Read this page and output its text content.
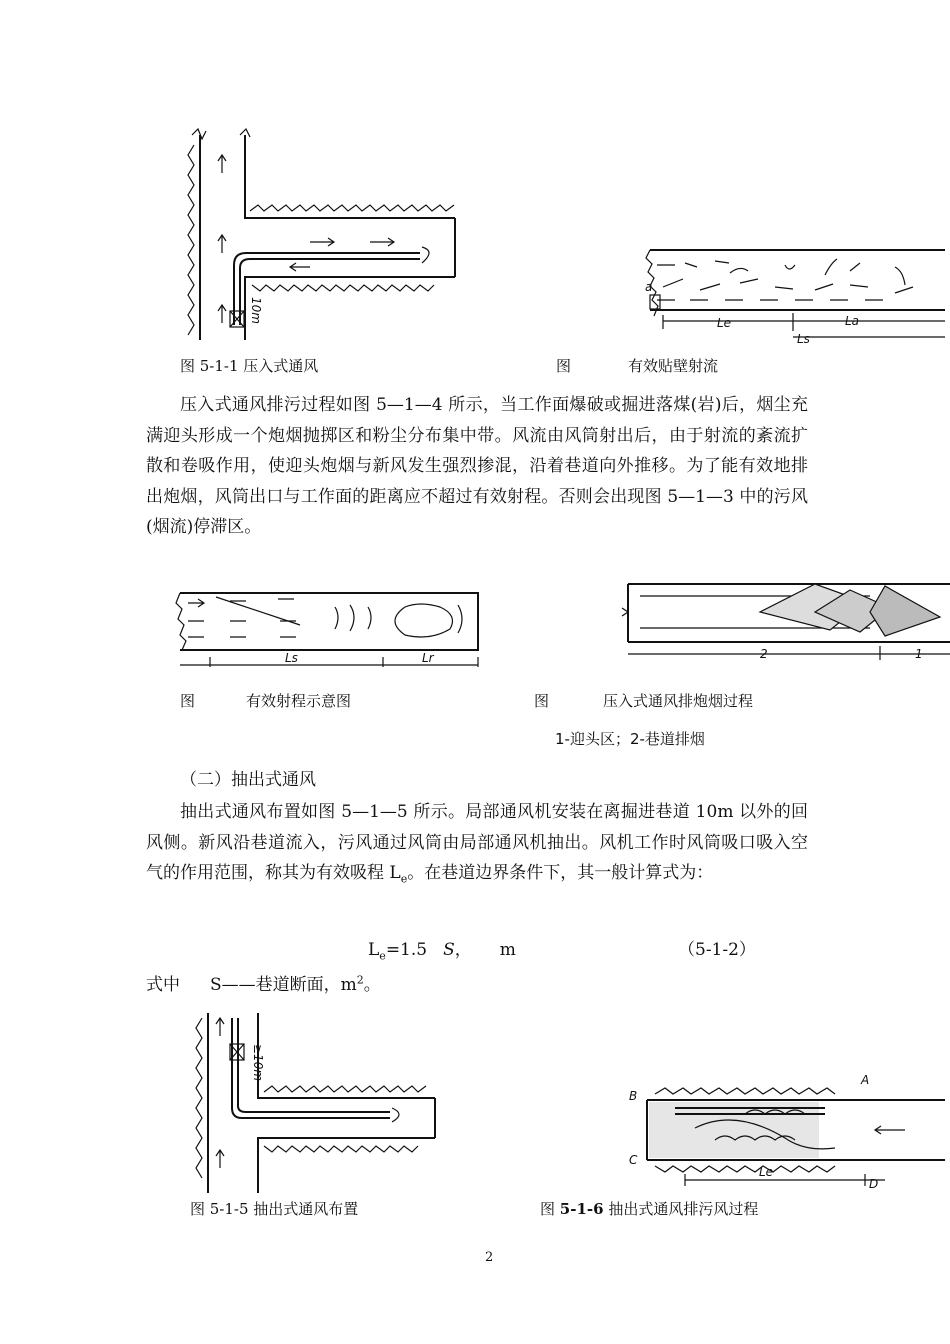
10m
图 5-1-1 压入式通风
a
Le	La
Ls
图	有效贴壁射流
压入式通风排污过程如图 5—1—4 所示，当工作面爆破或掘进落煤(岩)后，烟尘充满迎头形成一个炮烟抛掷区和粉尘分布集中带。风流由风筒射出后，由于射流的紊流扩散和卷吸作用，使迎头炮烟与新风发生强烈掺混，沿着巷道向外推移。为了能有效地排出炮烟，风筒出口与工作面的距离应不超过有效射程。否则会出现图 5—1—3 中的污风(烟流)停滞区。
Ls	Lr
图	有效射程示意图
2	1
图	压入式通风排炮烟过程
1-迎头区；2-巷道排烟
（二）抽出式通风
抽出式通风布置如图 5—1—5 所示。局部通风机安装在离掘进巷道 10m 以外的回风侧。新风沿巷道流入，污风通过风筒由局部通风机抽出。风机工作时风筒吸口吸入空气的作用范围，称其为有效吸程 $L_e$。在巷道边界条件下，其一般计算式为：
$L_e=1.5$ S， m	（5-1-2）
式中 S——巷道断面，$m^2$。
≥10m
图 5-1-5 抽出式通风布置
B
A
C
D
Le
图 5-1-6 抽出式通风排污风过程
2
